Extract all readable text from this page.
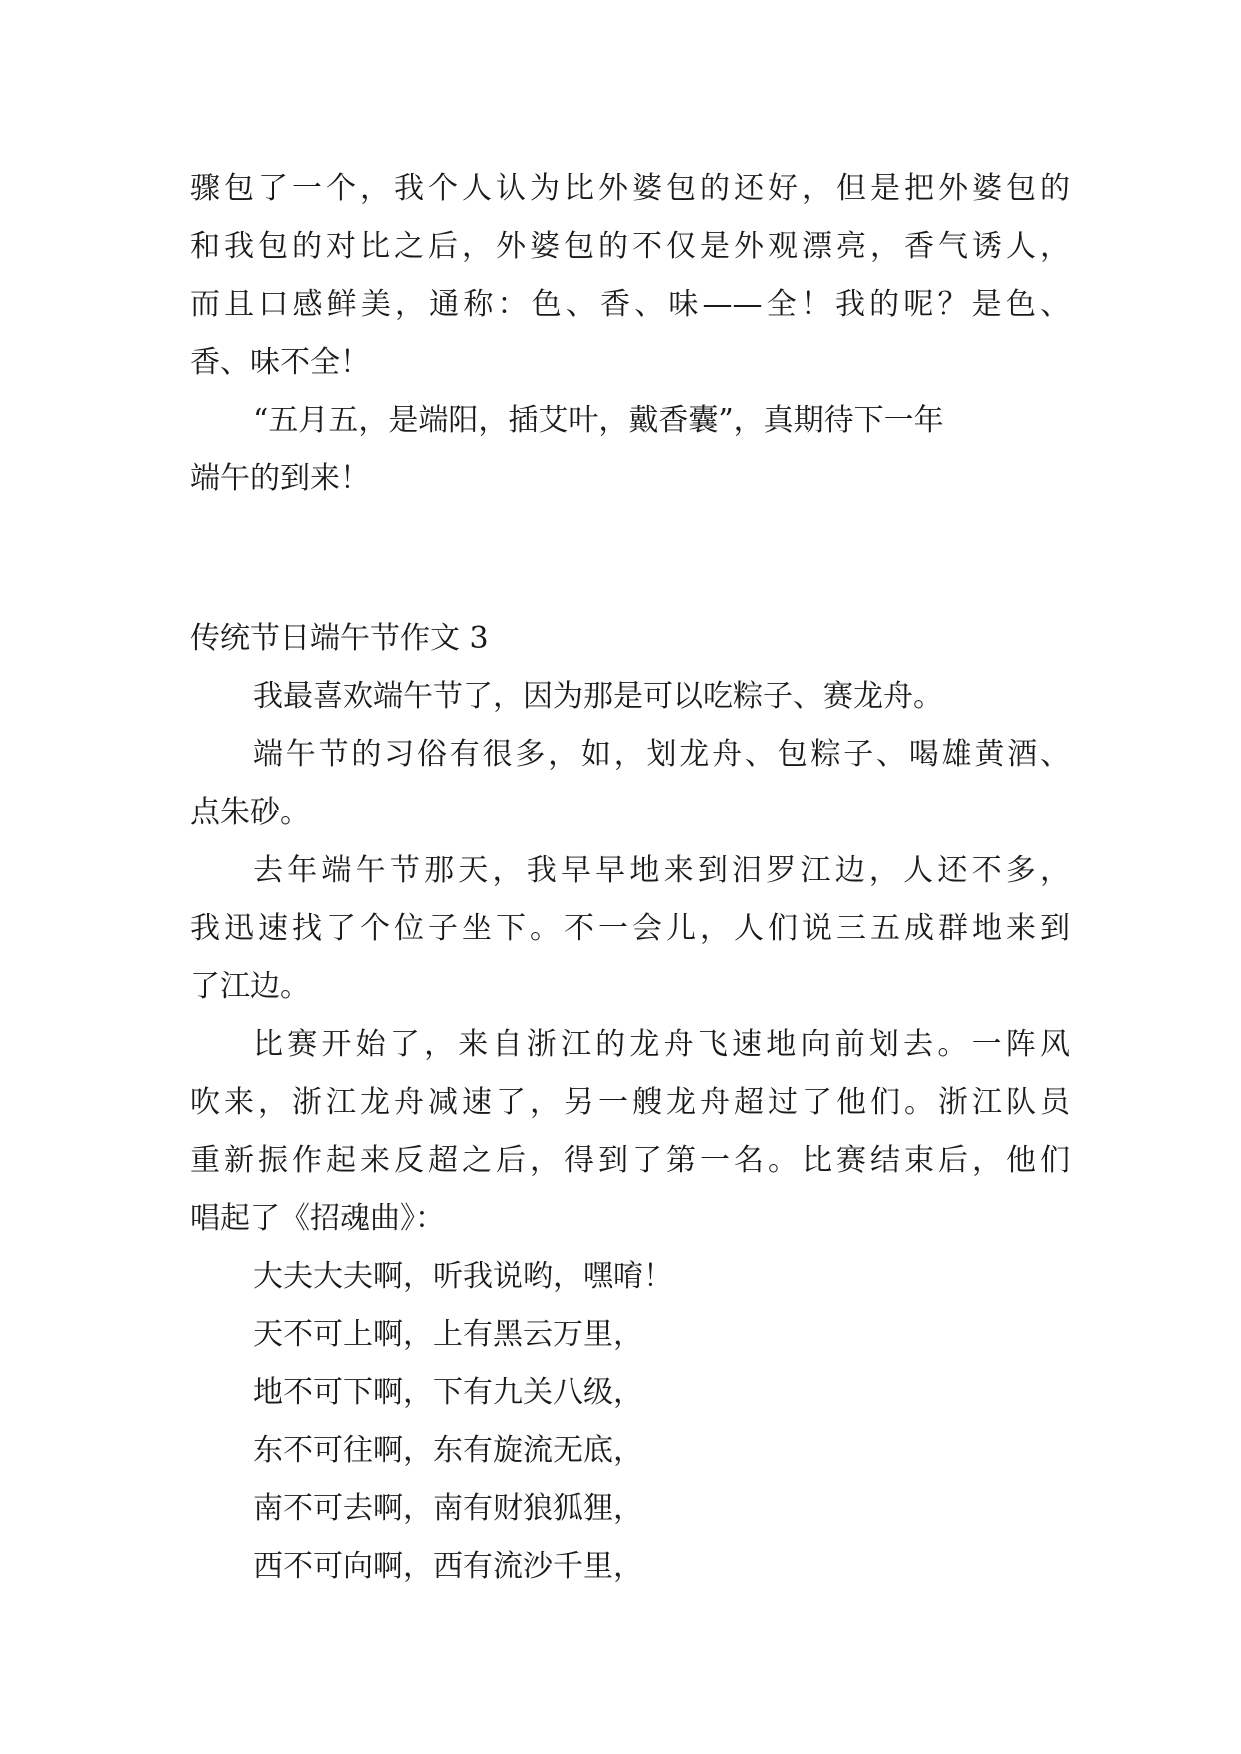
骤包了一个，我个人认为比外婆包的还好，但是把外婆包的
和我包的对比之后，外婆包的不仅是外观漂亮，香气诱人，
而且口感鲜美，通称：色、香、味——全！我的呢？是色、
香、味不全！
“五月五，是端阳，插艾叶，戴香囊”，真期待下一年
端午的到来！
传统节日端午节作文 3
我最喜欢端午节了，因为那是可以吃粽子、赛龙舟。
端午节的习俗有很多，如，划龙舟、包粽子、喝雄黄酒、
点朱砂。
去年端午节那天，我早早地来到汨罗江边，人还不多，
我迅速找了个位子坐下。不一会儿，人们说三五成群地来到
了江边。
比赛开始了，来自浙江的龙舟飞速地向前划去。一阵风
吹来，浙江龙舟减速了，另一艘龙舟超过了他们。浙江队员
重新振作起来反超之后，得到了第一名。比赛结束后，他们
唱起了《招魂曲》：
大夫大夫啊，听我说哟，嘿唷！
天不可上啊，上有黑云万里，
地不可下啊，下有九关八级，
东不可往啊，东有旋流无底，
南不可去啊，南有财狼狐狸，
西不可向啊，西有流沙千里，
